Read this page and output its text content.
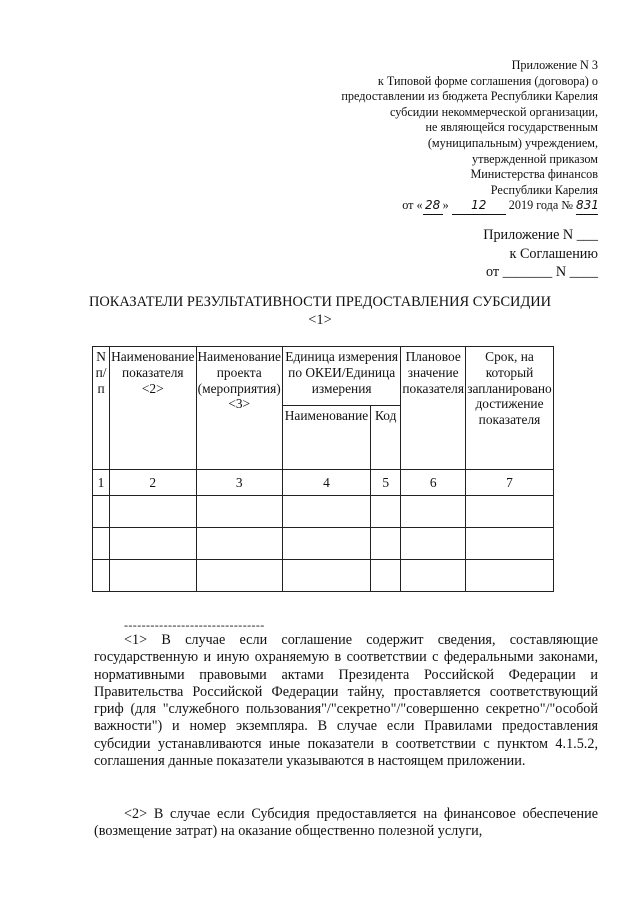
Приложение N 3
к Типовой форме соглашения (договора) о
предоставлении из бюджета Республики Карелия
субсидии некоммерческой организации,
не являющейся государственным
(муниципальным) учреждением,
утвержденной приказом
Министерства финансов
Республики Карелия
от « 28 » 12 2019 года № 831
Приложение N ___
к Соглашению
от _______ N ____
ПОКАЗАТЕЛИ РЕЗУЛЬТАТИВНОСТИ ПРЕДОСТАВЛЕНИЯ СУБСИДИИ
<1>
N п/п	Наименование показателя <2>	Наименование проекта (мероприятия) <3>	Единица измерения по ОКЕИ/Единица измерения		Плановое значение показателя	Срок, на который запланировано достижение показателя
			Наименование	Код		
1	2	3	4	5	6	7

--------------------------------

<1> В случае если соглашение содержит сведения, составляющие государственную и иную охраняемую в соответствии с федеральными законами, нормативными правовыми актами Президента Российской Федерации и Правительства Российской Федерации тайну, проставляется соответствующий гриф (для "служебного пользования"/"секретно"/"совершенно секретно"/"особой важности") и номер экземпляра. В случае если Правилами предоставления субсидии устанавливаются иные показатели в соответствии с пунктом 4.1.5.2, соглашения данные показатели указываются в настоящем приложении.

<2> В случае если Субсидия предоставляется на финансовое обеспечение (возмещение затрат) на оказание общественно полезной услуги,
